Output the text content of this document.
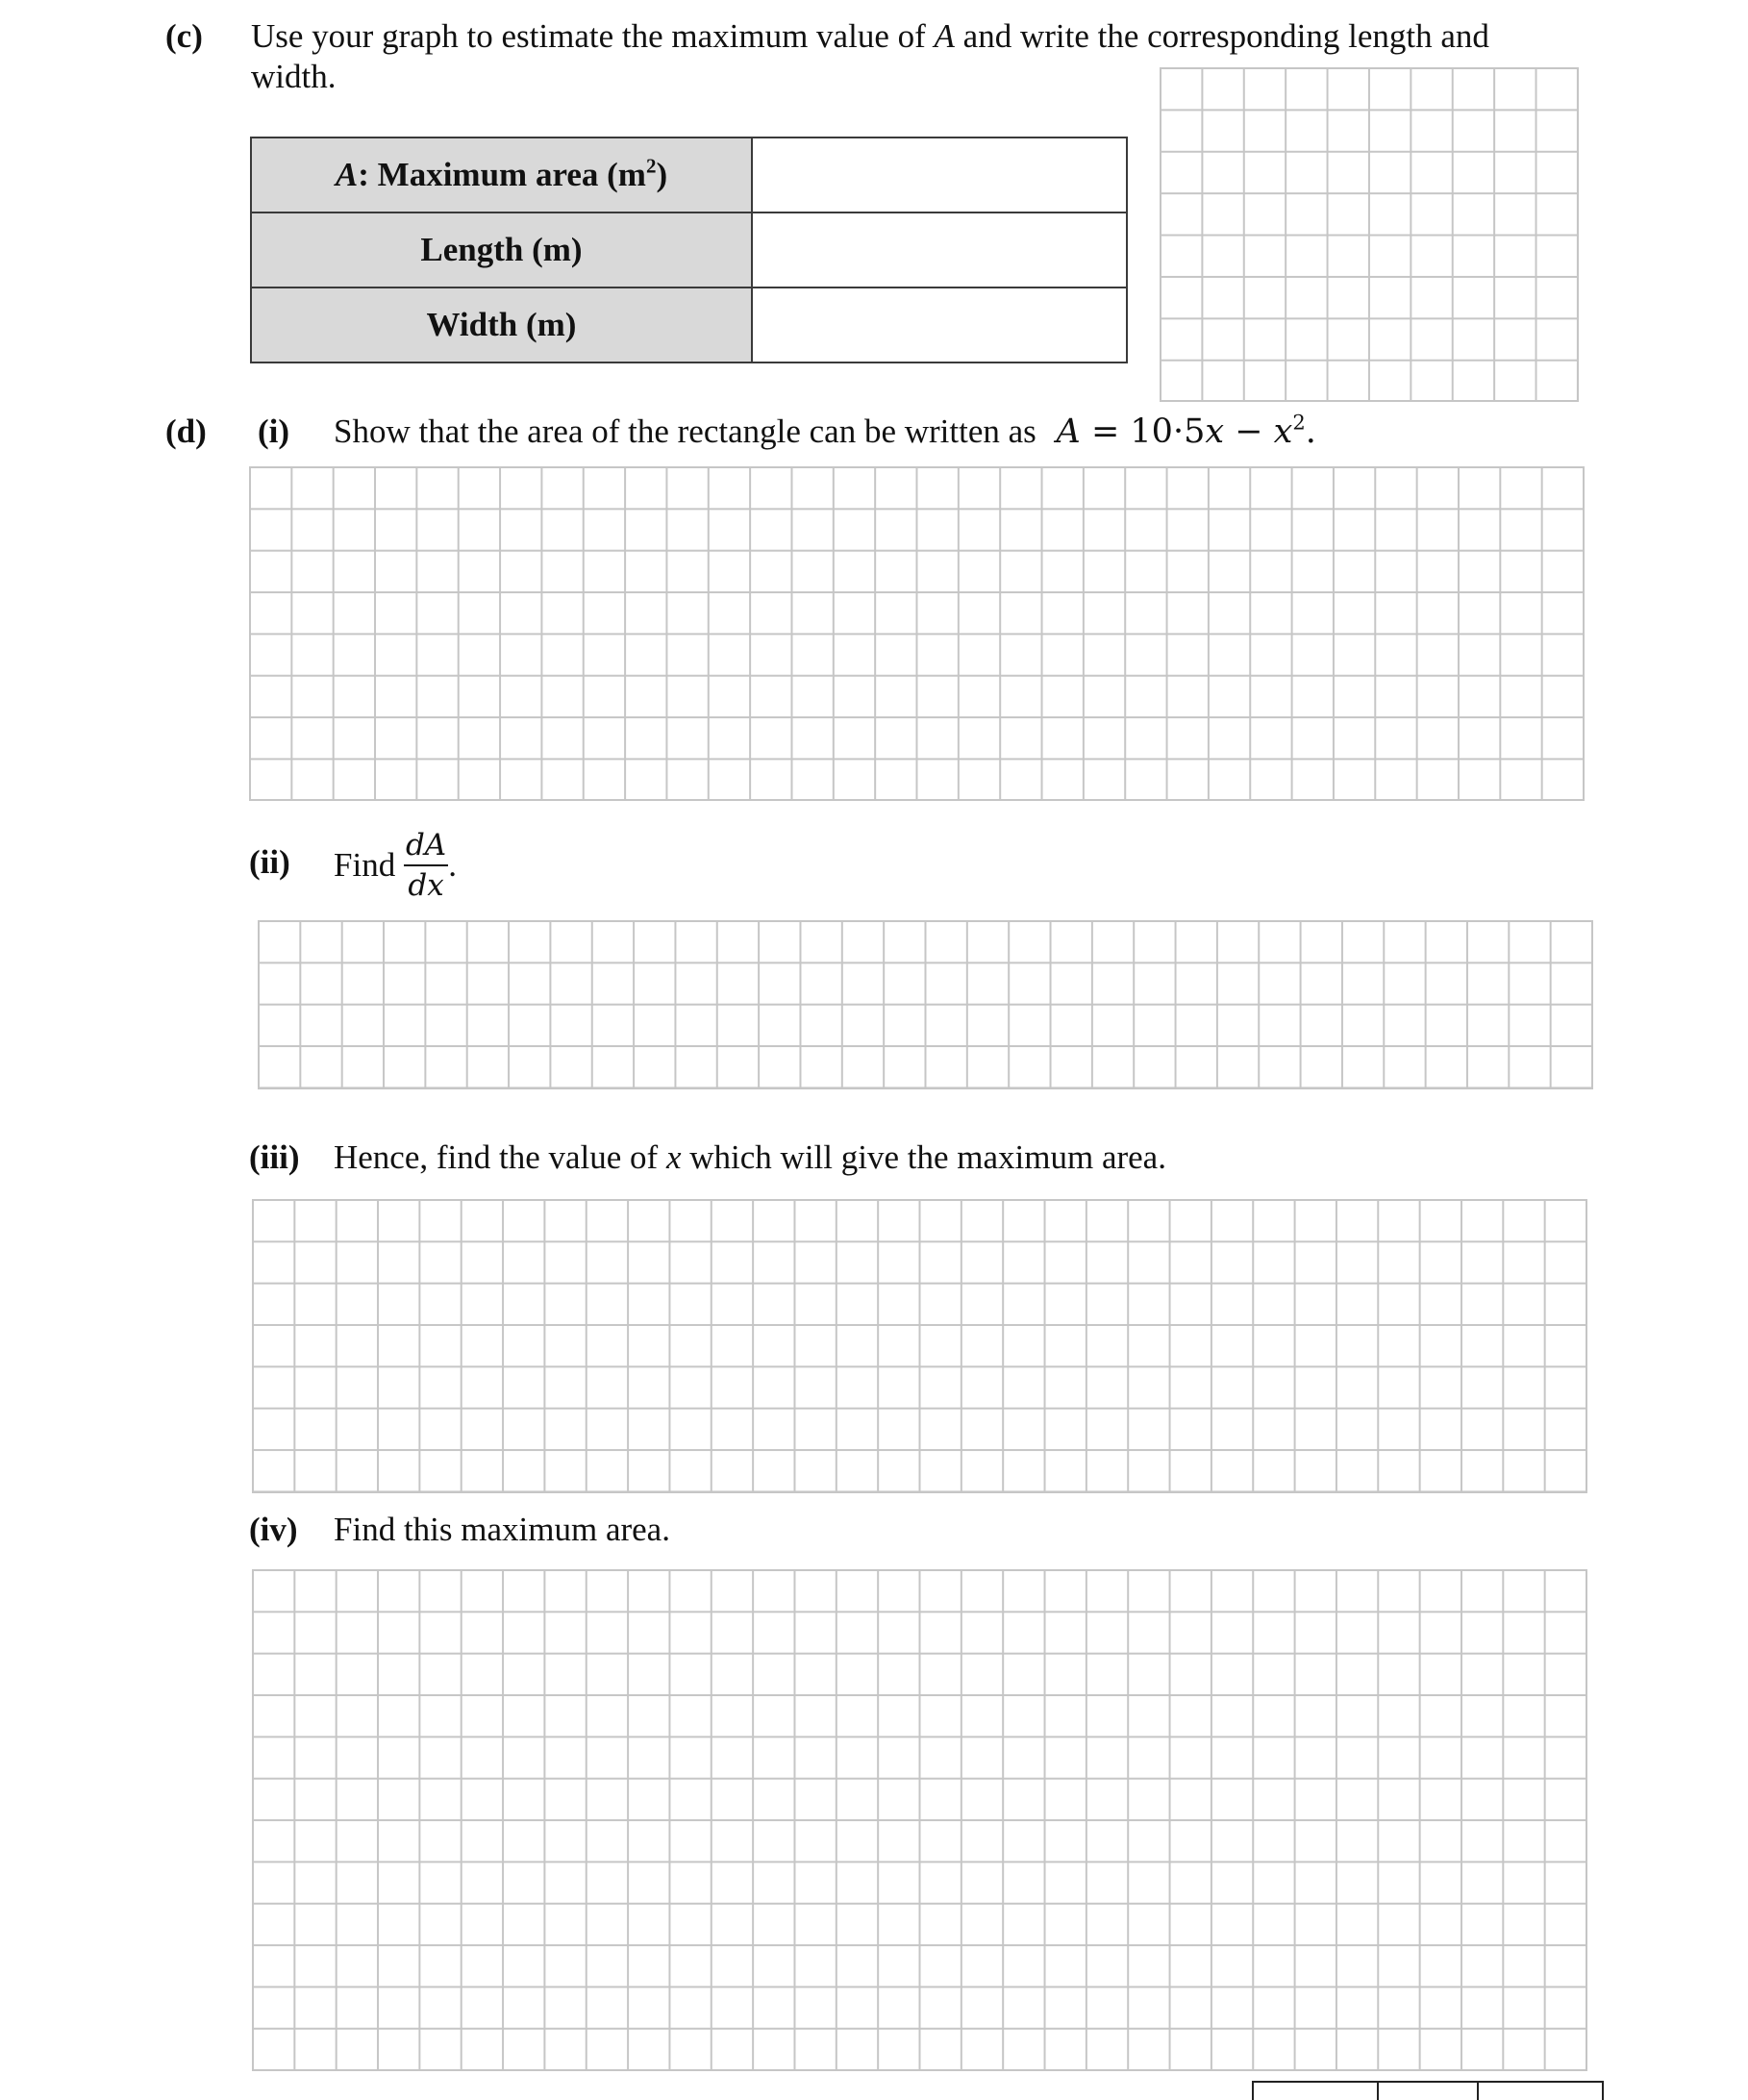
(c) Use your graph to estimate the maximum value of A and write the corresponding length and
width.
A: Maximum area $(m^2)$	
Length (m)	
Width (m)	
(d) (i) Show that the area of the rectangle can be written as $A = 10\cdot 5x - x^2$.
(ii) Find $\frac{dA}{dx}$ .
(iii) Hence, find the value of x which will give the maximum area.
(iv) Find this maximum area.
